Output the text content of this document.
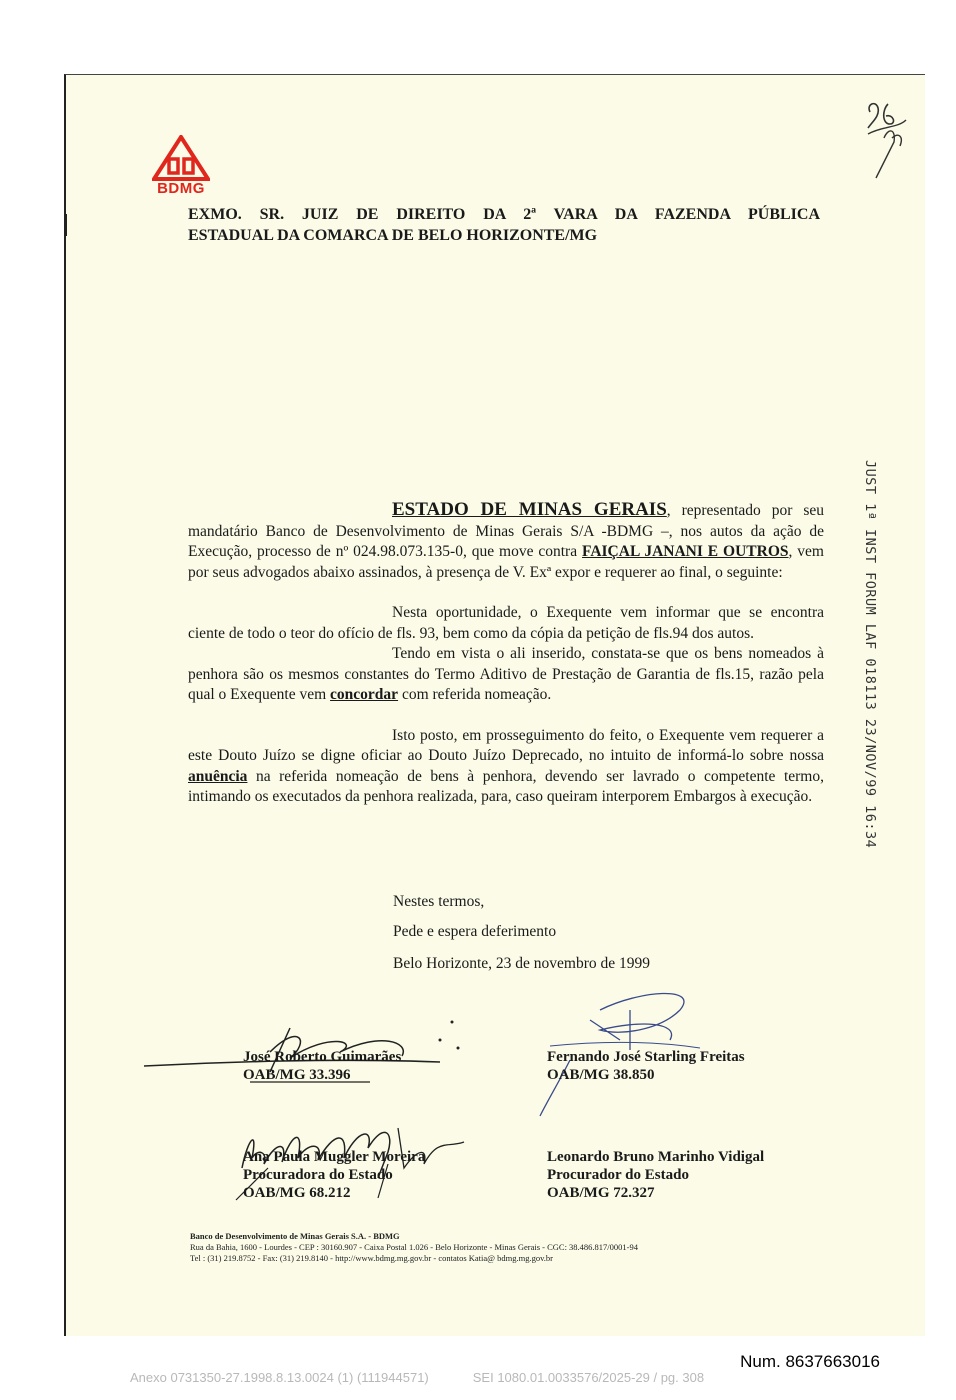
BDMG
EXMO. SR. JUIZ DE DIREITO DA 2ª VARA DA FAZENDA PÚBLICA
ESTADUAL DA COMARCA DE BELO HORIZONTE/MG
JUST 1ª INST FORUM LAF 018113 23/NOV/99 16:34

ESTADO DE MINAS GERAIS, representado por seu mandatário Banco de Desenvolvimento de Minas Gerais S/A -BDMG –, nos autos da ação de Execução, processo de nº 024.98.073.135-0, que move contra FAIÇAL JANANI E OUTROS, vem por seus advogados abaixo assinados, à presença de V. Exª expor e requerer ao final, o seguinte:

Nesta oportunidade, o Exequente vem informar que se encontra ciente de todo o teor do ofício de fls. 93, bem como da cópia da petição de fls.94 dos autos.

Tendo em vista o ali inserido, constata-se que os bens nomeados à penhora são os mesmos constantes do Termo Aditivo de Prestação de Garantia de fls.15, razão pela qual o Exequente vem concordar com referida nomeação.

Isto posto, em prosseguimento do feito, o Exequente vem requerer a este Douto Juízo se digne oficiar ao Douto Juízo Deprecado, no intuito de informá-lo sobre nossa anuência na referida nomeação de bens à penhora, devendo ser lavrado o competente termo, intimando os executados da penhora realizada, para, caso queiram interporem Embargos à execução.

Nestes termos,
Pede e espera deferimento
Belo Horizonte, 23 de novembro de 1999
José Roberto Guimarães
OAB/MG 33.396
Fernando José Starling Freitas
OAB/MG 38.850
Ana Paula Muggler Moreira
Procuradora do Estado
OAB/MG 68.212
Leonardo Bruno Marinho Vidigal
Procurador do Estado
OAB/MG 72.327
Banco de Desenvolvimento de Minas Gerais S.A. - BDMG
Rua da Bahia, 1600 - Lourdes - CEP : 30160.907 - Caixa Postal 1.026 - Belo Horizonte - Minas Gerais - CGC: 38.486.817/0001-94
Tel : (31) 219.8752 - Fax: (31) 219.8140 - http://www.bdmg.mg.gov.br - contatos Katia@ bdmg.mg.gov.br
Num. 8637663016
Anexo 0731350-27.1998.8.13.0024 (1) (111944571)	SEI 1080.01.0033576/2025-29 / pg. 308
